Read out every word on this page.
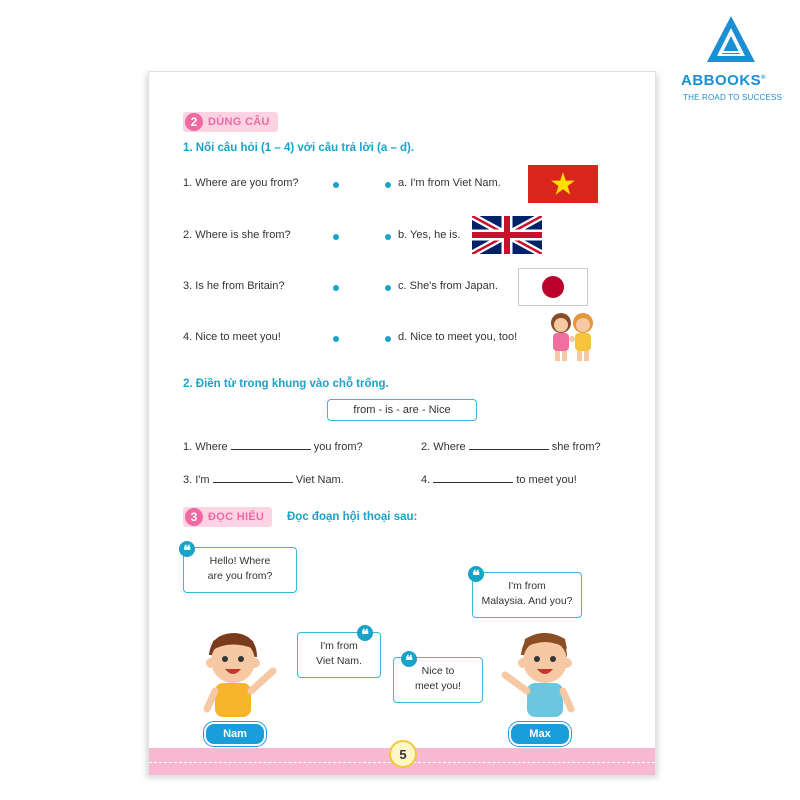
ABBOOKS®
THE ROAD TO SUCCESS
2 DÙNG CÂU
1. Nối câu hỏi (1 – 4) với câu trả lời (a – d).
1. Where are you from?
2. Where is she from?
3. Is he from Britain?
4. Nice to meet you!
a. I'm from Viet Nam.
b. Yes, he is.
c. She's from Japan.
d. Nice to meet you, too!
2. Điền từ trong khung vào chỗ trống.
from - is - are - Nice
1. Where	you from?	2. Where	she from?
3. I'm	Viet Nam.	4.	to meet you!
3 ĐỌC HIỂU Đọc đoạn hội thoại sau:
Hello! Where
are you from?
❝
I'm from
Malaysia. And you?
❝
I'm from
Viet Nam.
❝
Nice to
meet you!
❝
Nam	Max
5
